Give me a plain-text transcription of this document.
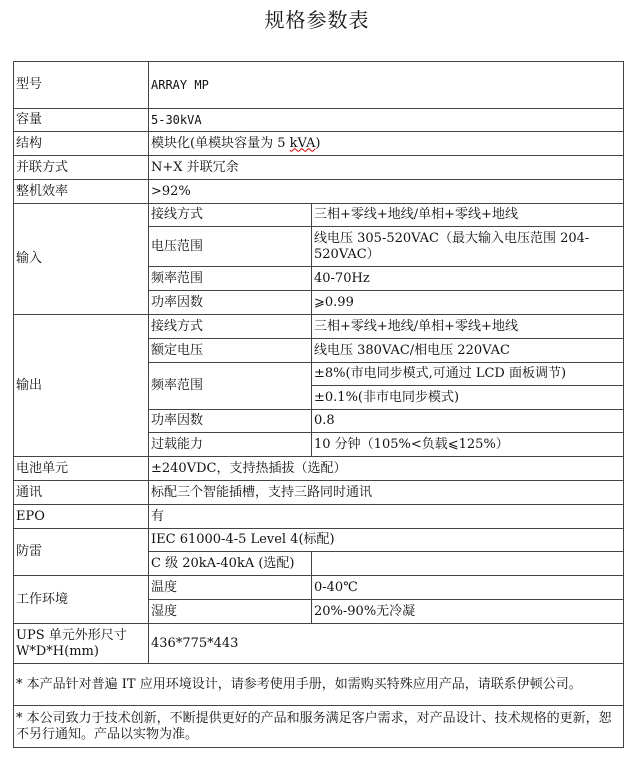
规格参数表
型号	ARRAY MP	
容量	5-30kVA	
结构	模块化(单模块容量为 5 kVA)	
并联方式	N+X 并联冗余	
整机效率	>92%	
输入	接线方式	三相+零线+地线/单相+零线+地线
	电压范围	线电压 305-520VAC（最大输入电压范围 204-520VAC）
	频率范围	40-70Hz
	功率因数	⩾0.99
输出	接线方式	三相+零线+地线/单相+零线+地线
	额定电压	线电压 380VAC/相电压 220VAC
	频率范围	±8%(市电同步模式,可通过 LCD 面板调节)
		±0.1%(非市电同步模式)
	功率因数	0.8
	过载能力	10 分钟（105%<负载⩽125%）
电池单元	±240VDC，支持热插拔（选配）	
通讯	标配三个智能插槽，支持三路同时通讯	
EPO	有	
防雷	IEC 61000-4-5 Level 4(标配)	
	C 级 20kA-40kA (选配)	
工作环境	温度	0-40℃
	湿度	20%-90%无冷凝
UPS 单元外形尺寸
W*D*H(mm)	436*775*443	
* 本产品针对普遍 IT 应用环境设计，请参考使用手册，如需购买特殊应用产品，请联系伊顿公司。		
* 本公司致力于技术创新，不断提供更好的产品和服务满足客户需求，对产品设计、技术规格的更新，恕不另行通知。产品以实物为准。		
